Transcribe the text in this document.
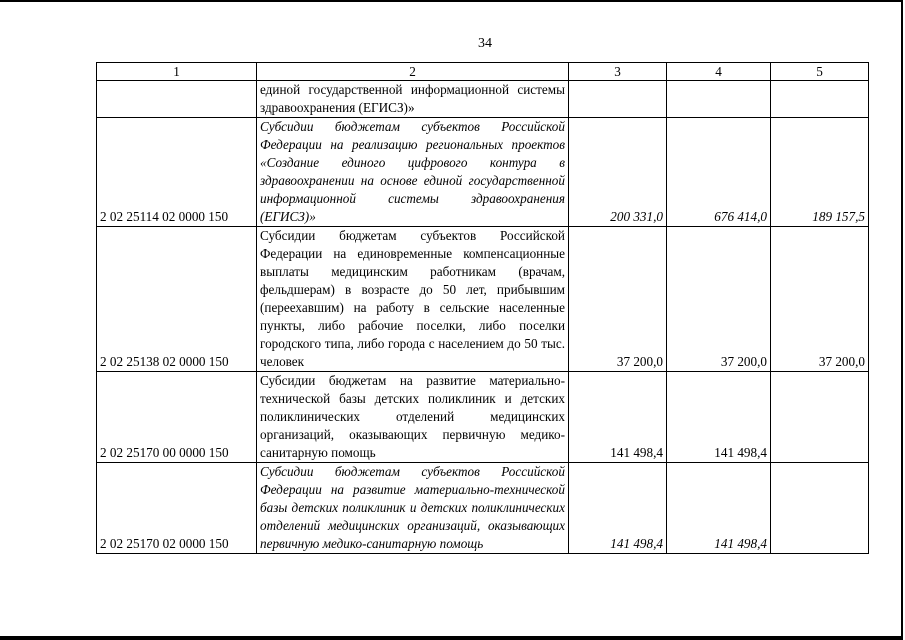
34
1	2	3	4	5
	единой государственной информационной системы здравоохранения (ЕГИСЗ)»			
2 02 25114 02 0000 150	Субсидии бюджетам субъектов Российской Федерации на реализацию региональных проектов «Создание единого цифрового контура в здравоохранении на основе единой государственной информационной системы здравоохранения (ЕГИСЗ)»	200 331,0	676 414,0	189 157,5
2 02 25138 02 0000 150	Субсидии бюджетам субъектов Российской Федерации на единовременные компенсационные выплаты медицинским работникам (врачам, фельдшерам) в возрасте до 50 лет, прибывшим (переехавшим) на работу в сельские населенные пункты, либо рабочие поселки, либо поселки городского типа, либо города с населением до 50 тыс. человек	37 200,0	37 200,0	37 200,0
2 02 25170 00 0000 150	Субсидии бюджетам на развитие материально-технической базы детских поликлиник и детских поликлинических отделений медицинских организаций, оказывающих первичную медико-санитарную помощь	141 498,4	141 498,4	
2 02 25170 02 0000 150	Субсидии бюджетам субъектов Российской Федерации на развитие материально-технической базы детских поликлиник и детских поликлинических отделений медицинских организаций, оказывающих первичную медико-санитарную помощь	141 498,4	141 498,4	
